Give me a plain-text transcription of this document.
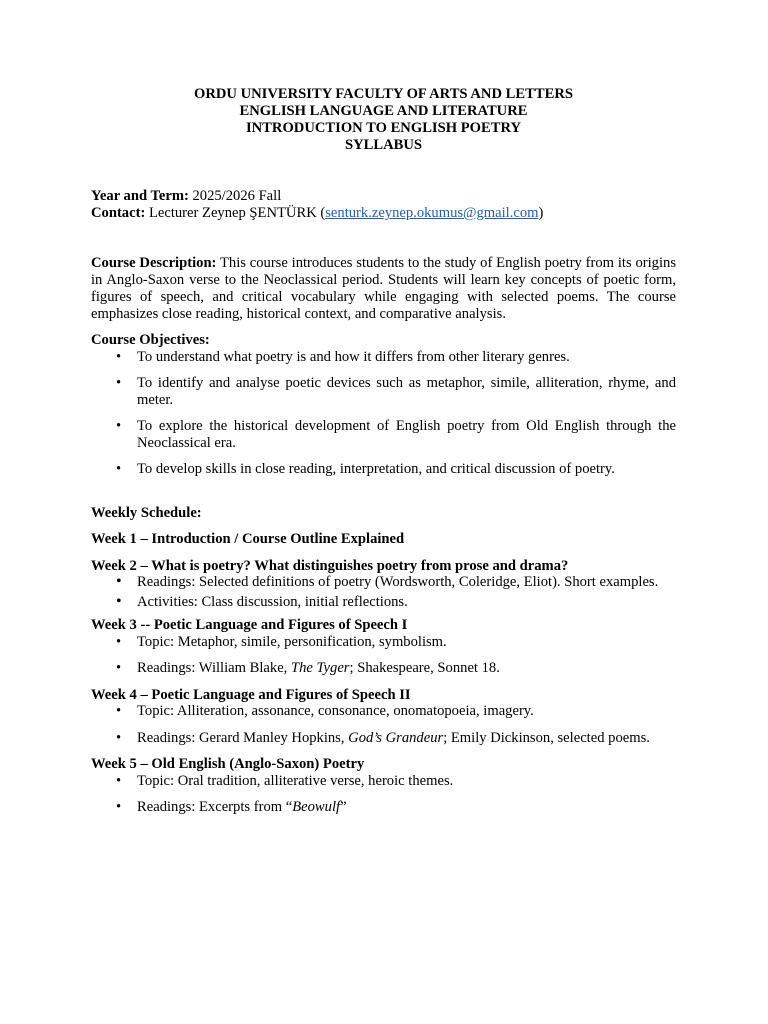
ORDU UNIVERSITY FACULTY OF ARTS AND LETTERS
ENGLISH LANGUAGE AND LITERATURE
INTRODUCTION TO ENGLISH POETRY
SYLLABUS
Year and Term: 2025/2026 Fall
Contact: Lecturer Zeynep ŞENTÜRK (senturk.zeynep.okumus@gmail.com)
Course Description: This course introduces students to the study of English poetry from its origins in Anglo-Saxon verse to the Neoclassical period. Students will learn key concepts of poetic form, figures of speech, and critical vocabulary while engaging with selected poems. The course emphasizes close reading, historical context, and comparative analysis.
Course Objectives:
• To understand what poetry is and how it differs from other literary genres.
• To identify and analyse poetic devices such as metaphor, simile, alliteration, rhyme, and meter.
• To explore the historical development of English poetry from Old English through the Neoclassical era.
• To develop skills in close reading, interpretation, and critical discussion of poetry.
Weekly Schedule:
Week 1 – Introduction / Course Outline Explained
Week 2 – What is poetry? What distinguishes poetry from prose and drama?
• Readings: Selected definitions of poetry (Wordsworth, Coleridge, Eliot). Short examples.
• Activities: Class discussion, initial reflections.
Week 3 -- Poetic Language and Figures of Speech I
• Topic: Metaphor, simile, personification, symbolism.
• Readings: William Blake, The Tyger; Shakespeare, Sonnet 18.
Week 4 – Poetic Language and Figures of Speech II
• Topic: Alliteration, assonance, consonance, onomatopoeia, imagery.
• Readings: Gerard Manley Hopkins, God’s Grandeur; Emily Dickinson, selected poems.
Week 5 – Old English (Anglo-Saxon) Poetry
• Topic: Oral tradition, alliterative verse, heroic themes.
• Readings: Excerpts from “Beowulf”
